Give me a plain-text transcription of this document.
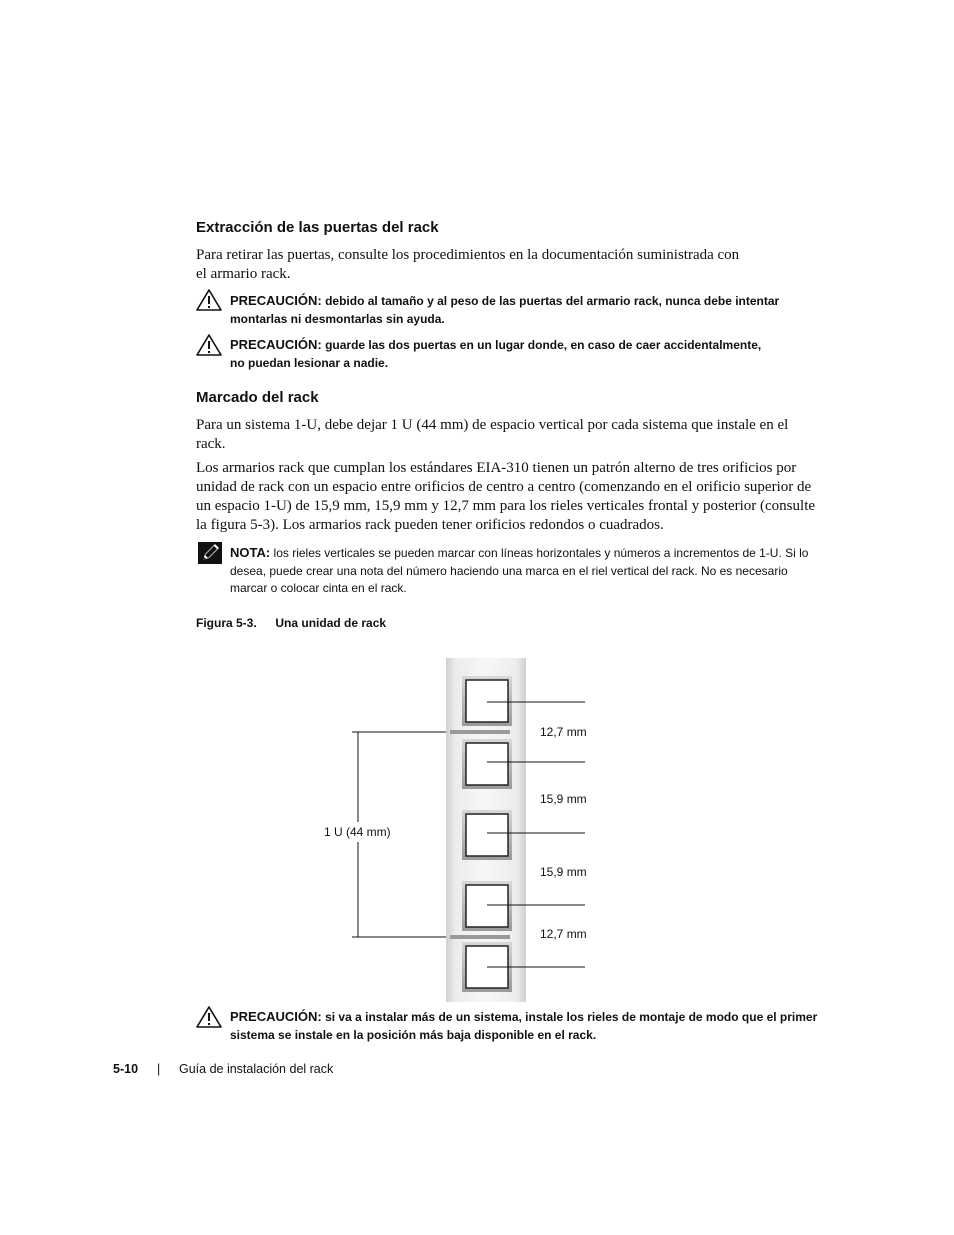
Extracción de las puertas del rack

Para retirar las puertas, consulte los procedimientos en la documentación suministrada con el armario rack.

PRECAUCIÓN: debido al tamaño y al peso de las puertas del armario rack, nunca debe intentar montarlas ni desmontarlas sin ayuda.
PRECAUCIÓN: guarde las dos puertas en un lugar donde, en caso de caer accidentalmente, no puedan lesionar a nadie.
Marcado del rack

Para un sistema 1-U, debe dejar 1 U (44 mm) de espacio vertical por cada sistema que instale en el rack.

Los armarios rack que cumplan los estándares EIA-310 tienen un patrón alterno de tres orificios por unidad de rack con un espacio entre orificios de centro a centro (comenzando en el orificio superior de un espacio 1-U) de 15,9 mm, 15,9 mm y 12,7 mm para los rieles verticales frontal y posterior (consulte la figura 5-3). Los armarios rack pueden tener orificios redondos o cuadrados.

NOTA: los rieles verticales se pueden marcar con líneas horizontales y números a incrementos de 1-U. Si lo desea, puede crear una nota del número haciendo una marca en el riel vertical del rack. No es necesario marcar o colocar cinta en el rack.
Figura 5-3. Una unidad de rack
1 U (44 mm)
12,7 mm
15,9 mm
15,9 mm
12,7 mm
PRECAUCIÓN: si va a instalar más de un sistema, instale los rieles de montaje de modo que el primer sistema se instale en la posición más baja disponible en el rack.
5-10 | Guía de instalación del rack
